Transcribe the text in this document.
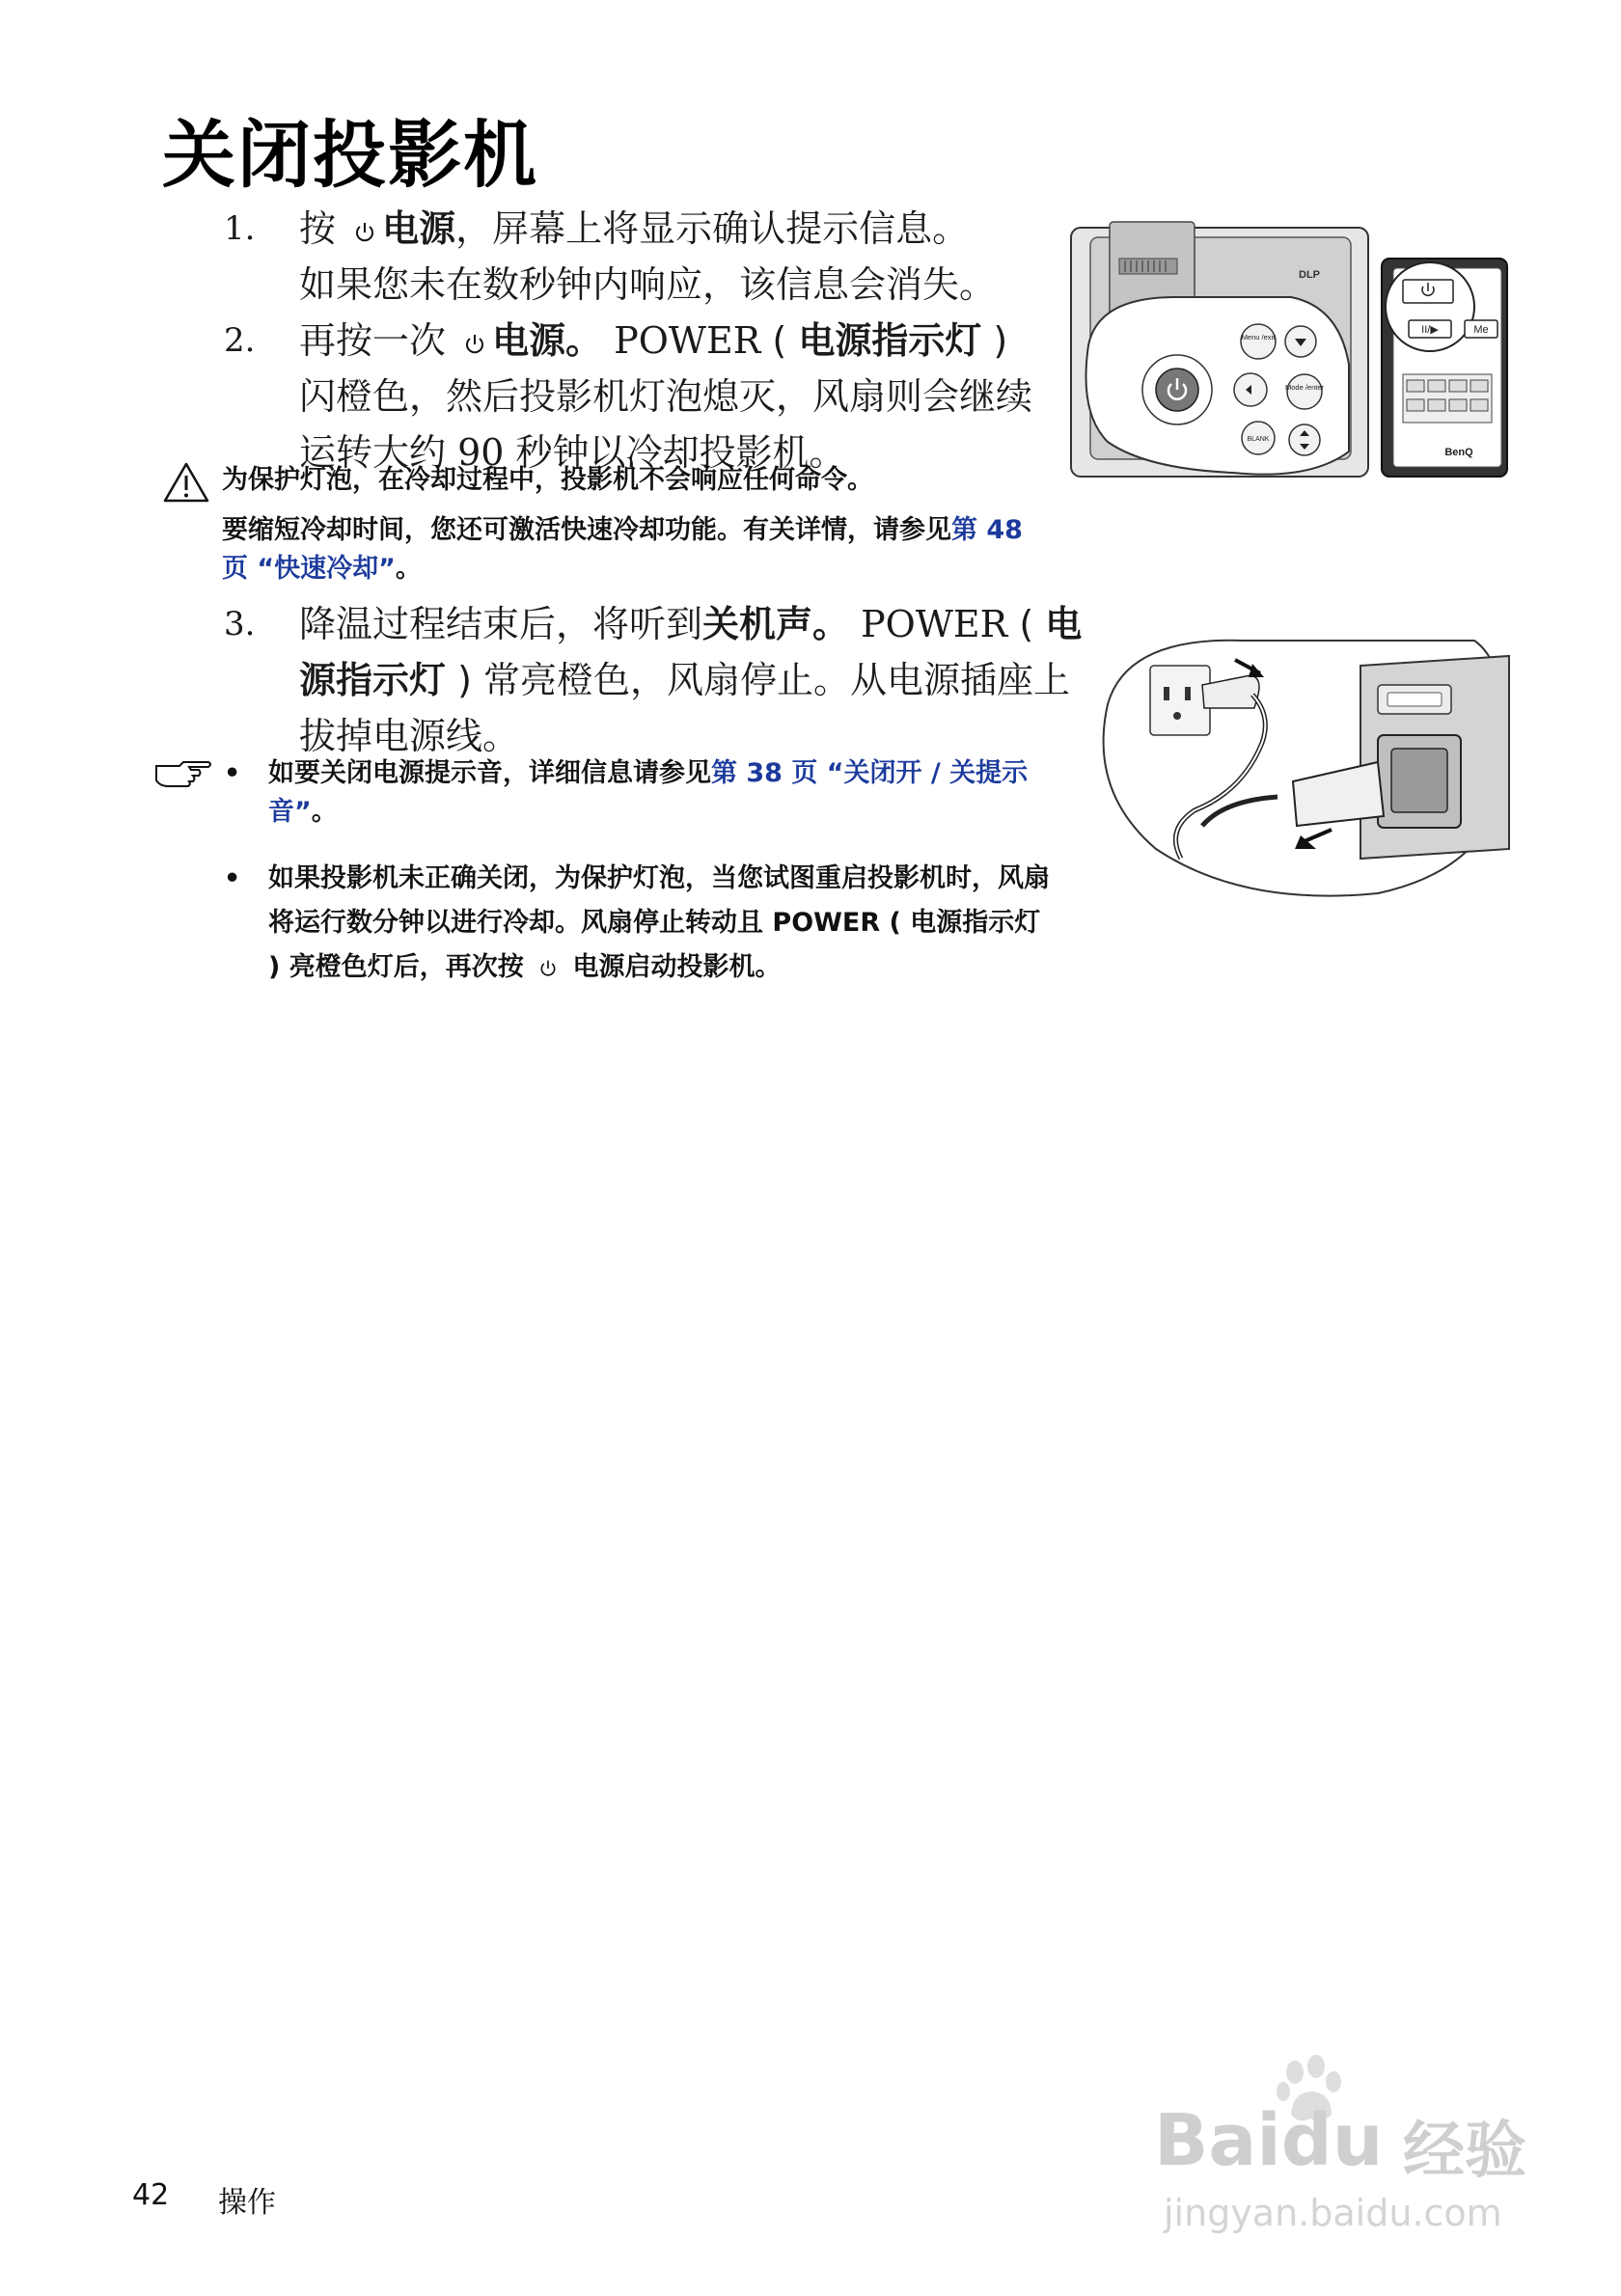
关闭投影机
1. 按 电源，屏幕上将显示确认提示信息。
如果您未在数秒钟内响应，该信息会消失。
2. 再按一次 电源。 POWER ( 电源指示灯 ) 闪橙色，然后投影机灯泡熄灭，风扇则会继续运转大约 90 秒钟以冷却投影机。
为保护灯泡，在冷却过程中，投影机不会响应任何命令。
要缩短冷却时间，您还可激活快速冷却功能。有关详情，请参见第 48 页 “快速冷却”。
3. 降温过程结束后，将听到关机声。 POWER ( 电源指示灯 ) 常亮橙色，风扇停止。从电源插座上拔掉电源线。
• 如要关闭电源提示音，详细信息请参见第 38 页 “关闭开 / 关提示音”。
• 如果投影机未正确关闭，为保护灯泡，当您试图重启投影机时，风扇将运行数分钟以进行冷却。风扇停止转动且 POWER ( 电源指示灯 ) 亮橙色灯后，再次按  电源启动投影机。
DLP
Menu /exit
Mode /enter
BLANK
BenQ
II/▶	Me
42 操作
Baidu 经验
jingyan.baidu.com
